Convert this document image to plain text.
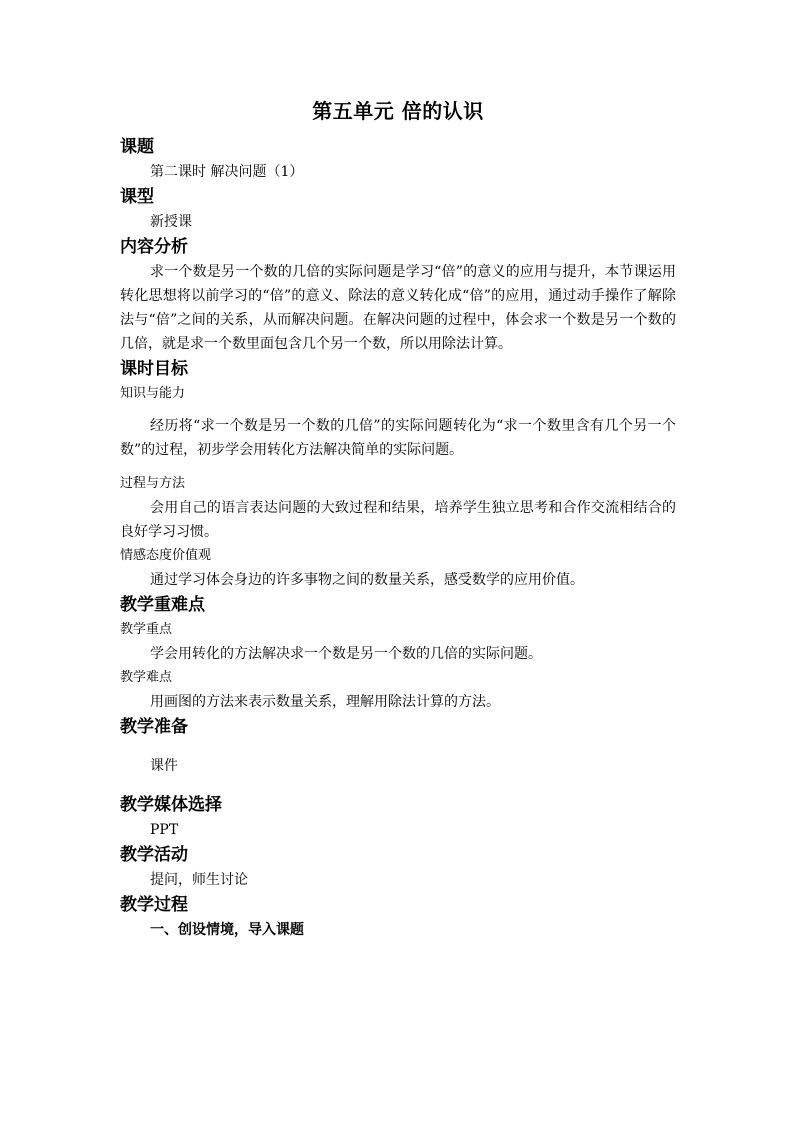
第五单元 倍的认识
课题
第二课时 解决问题（1）
课型
新授课
内容分析
求一个数是另一个数的几倍的实际问题是学习“倍”的意义的应用与提升，本节课运用转化思想将以前学习的“倍”的意义、除法的意义转化成“倍”的应用，通过动手操作了解除法与“倍”之间的关系，从而解决问题。在解决问题的过程中，体会求一个数是另一个数的几倍，就是求一个数里面包含几个另一个数，所以用除法计算。
课时目标
知识与能力
经历将“求一个数是另一个数的几倍”的实际问题转化为“求一个数里含有几个另一个数”的过程，初步学会用转化方法解决简单的实际问题。
过程与方法
会用自己的语言表达问题的大致过程和结果，培养学生独立思考和合作交流相结合的良好学习习惯。
情感态度价值观
通过学习体会身边的许多事物之间的数量关系，感受数学的应用价值。
教学重难点
教学重点
学会用转化的方法解决求一个数是另一个数的几倍的实际问题。
教学难点
用画图的方法来表示数量关系，理解用除法计算的方法。
教学准备
课件
教学媒体选择
PPT
教学活动
提问，师生讨论
教学过程
一、创设情境，导入课题
